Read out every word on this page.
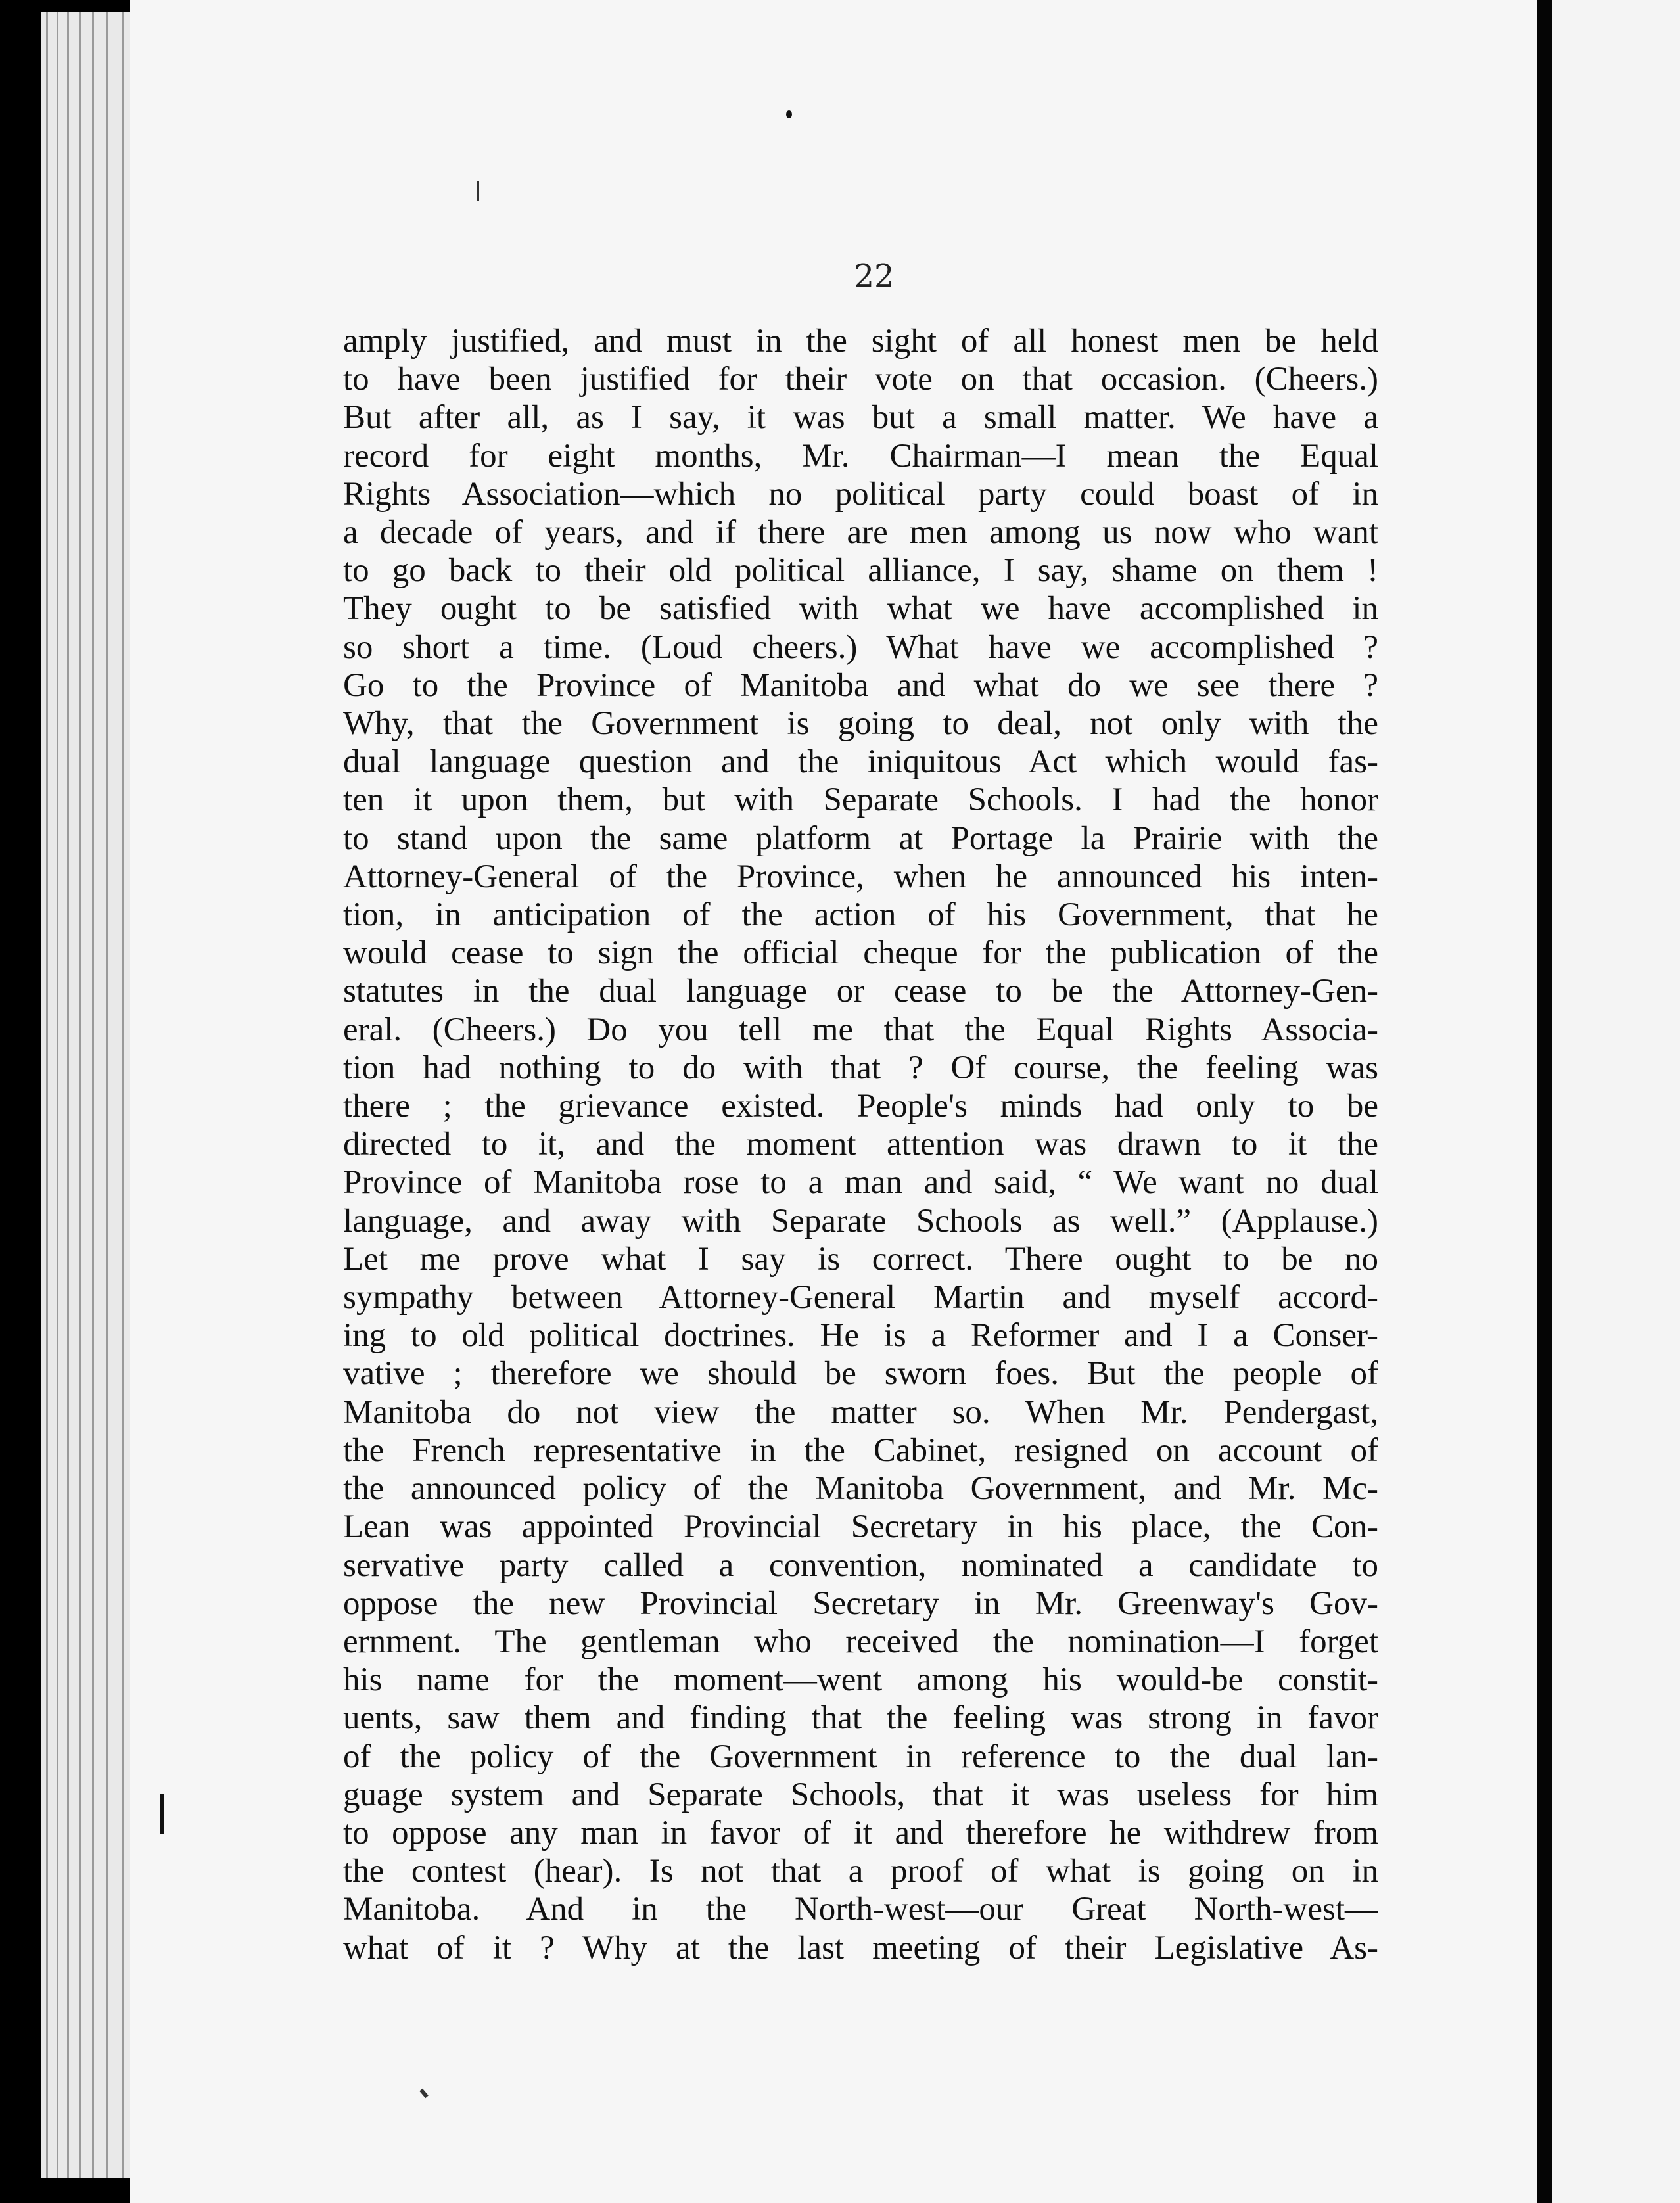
22
amply justified, and must in the sight of all honest men be held
to have been justified for their vote on that occasion. (Cheers.)
But after all, as I say, it was but a small matter. We have a
record for eight months, Mr. Chairman—I mean the Equal
Rights Association—which no political party could boast of in
a decade of years, and if there are men among us now who want
to go back to their old political alliance, I say, shame on them !
They ought to be satisfied with what we have accomplished in
so short a time. (Loud cheers.) What have we accomplished ?
Go to the Province of Manitoba and what do we see there ?
Why, that the Government is going to deal, not only with the
dual language question and the iniquitous Act which would fas-
ten it upon them, but with Separate Schools. I had the honor
to stand upon the same platform at Portage la Prairie with the
Attorney-General of the Province, when he announced his inten-
tion, in anticipation of the action of his Government, that he
would cease to sign the official cheque for the publication of the
statutes in the dual language or cease to be the Attorney-Gen-
eral. (Cheers.) Do you tell me that the Equal Rights Associa-
tion had nothing to do with that ? Of course, the feeling was
there ; the grievance existed. People's minds had only to be
directed to it, and the moment attention was drawn to it the
Province of Manitoba rose to a man and said, “ We want no dual
language, and away with Separate Schools as well.” (Applause.)
Let me prove what I say is correct. There ought to be no
sympathy between Attorney-General Martin and myself accord-
ing to old political doctrines. He is a Reformer and I a Conser-
vative ; therefore we should be sworn foes. But the people of
Manitoba do not view the matter so. When Mr. Pendergast,
the French representative in the Cabinet, resigned on account of
the announced policy of the Manitoba Government, and Mr. Mc-
Lean was appointed Provincial Secretary in his place, the Con-
servative party called a convention, nominated a candidate to
oppose the new Provincial Secretary in Mr. Greenway's Gov-
ernment. The gentleman who received the nomination—I forget
his name for the moment—went among his would-be constit-
uents, saw them and finding that the feeling was strong in favor
of the policy of the Government in reference to the dual lan-
guage system and Separate Schools, that it was useless for him
to oppose any man in favor of it and therefore he withdrew from
the contest (hear). Is not that a proof of what is going on in
Manitoba. And in the North-west—our Great North-west—
what of it ? Why at the last meeting of their Legislative As-
